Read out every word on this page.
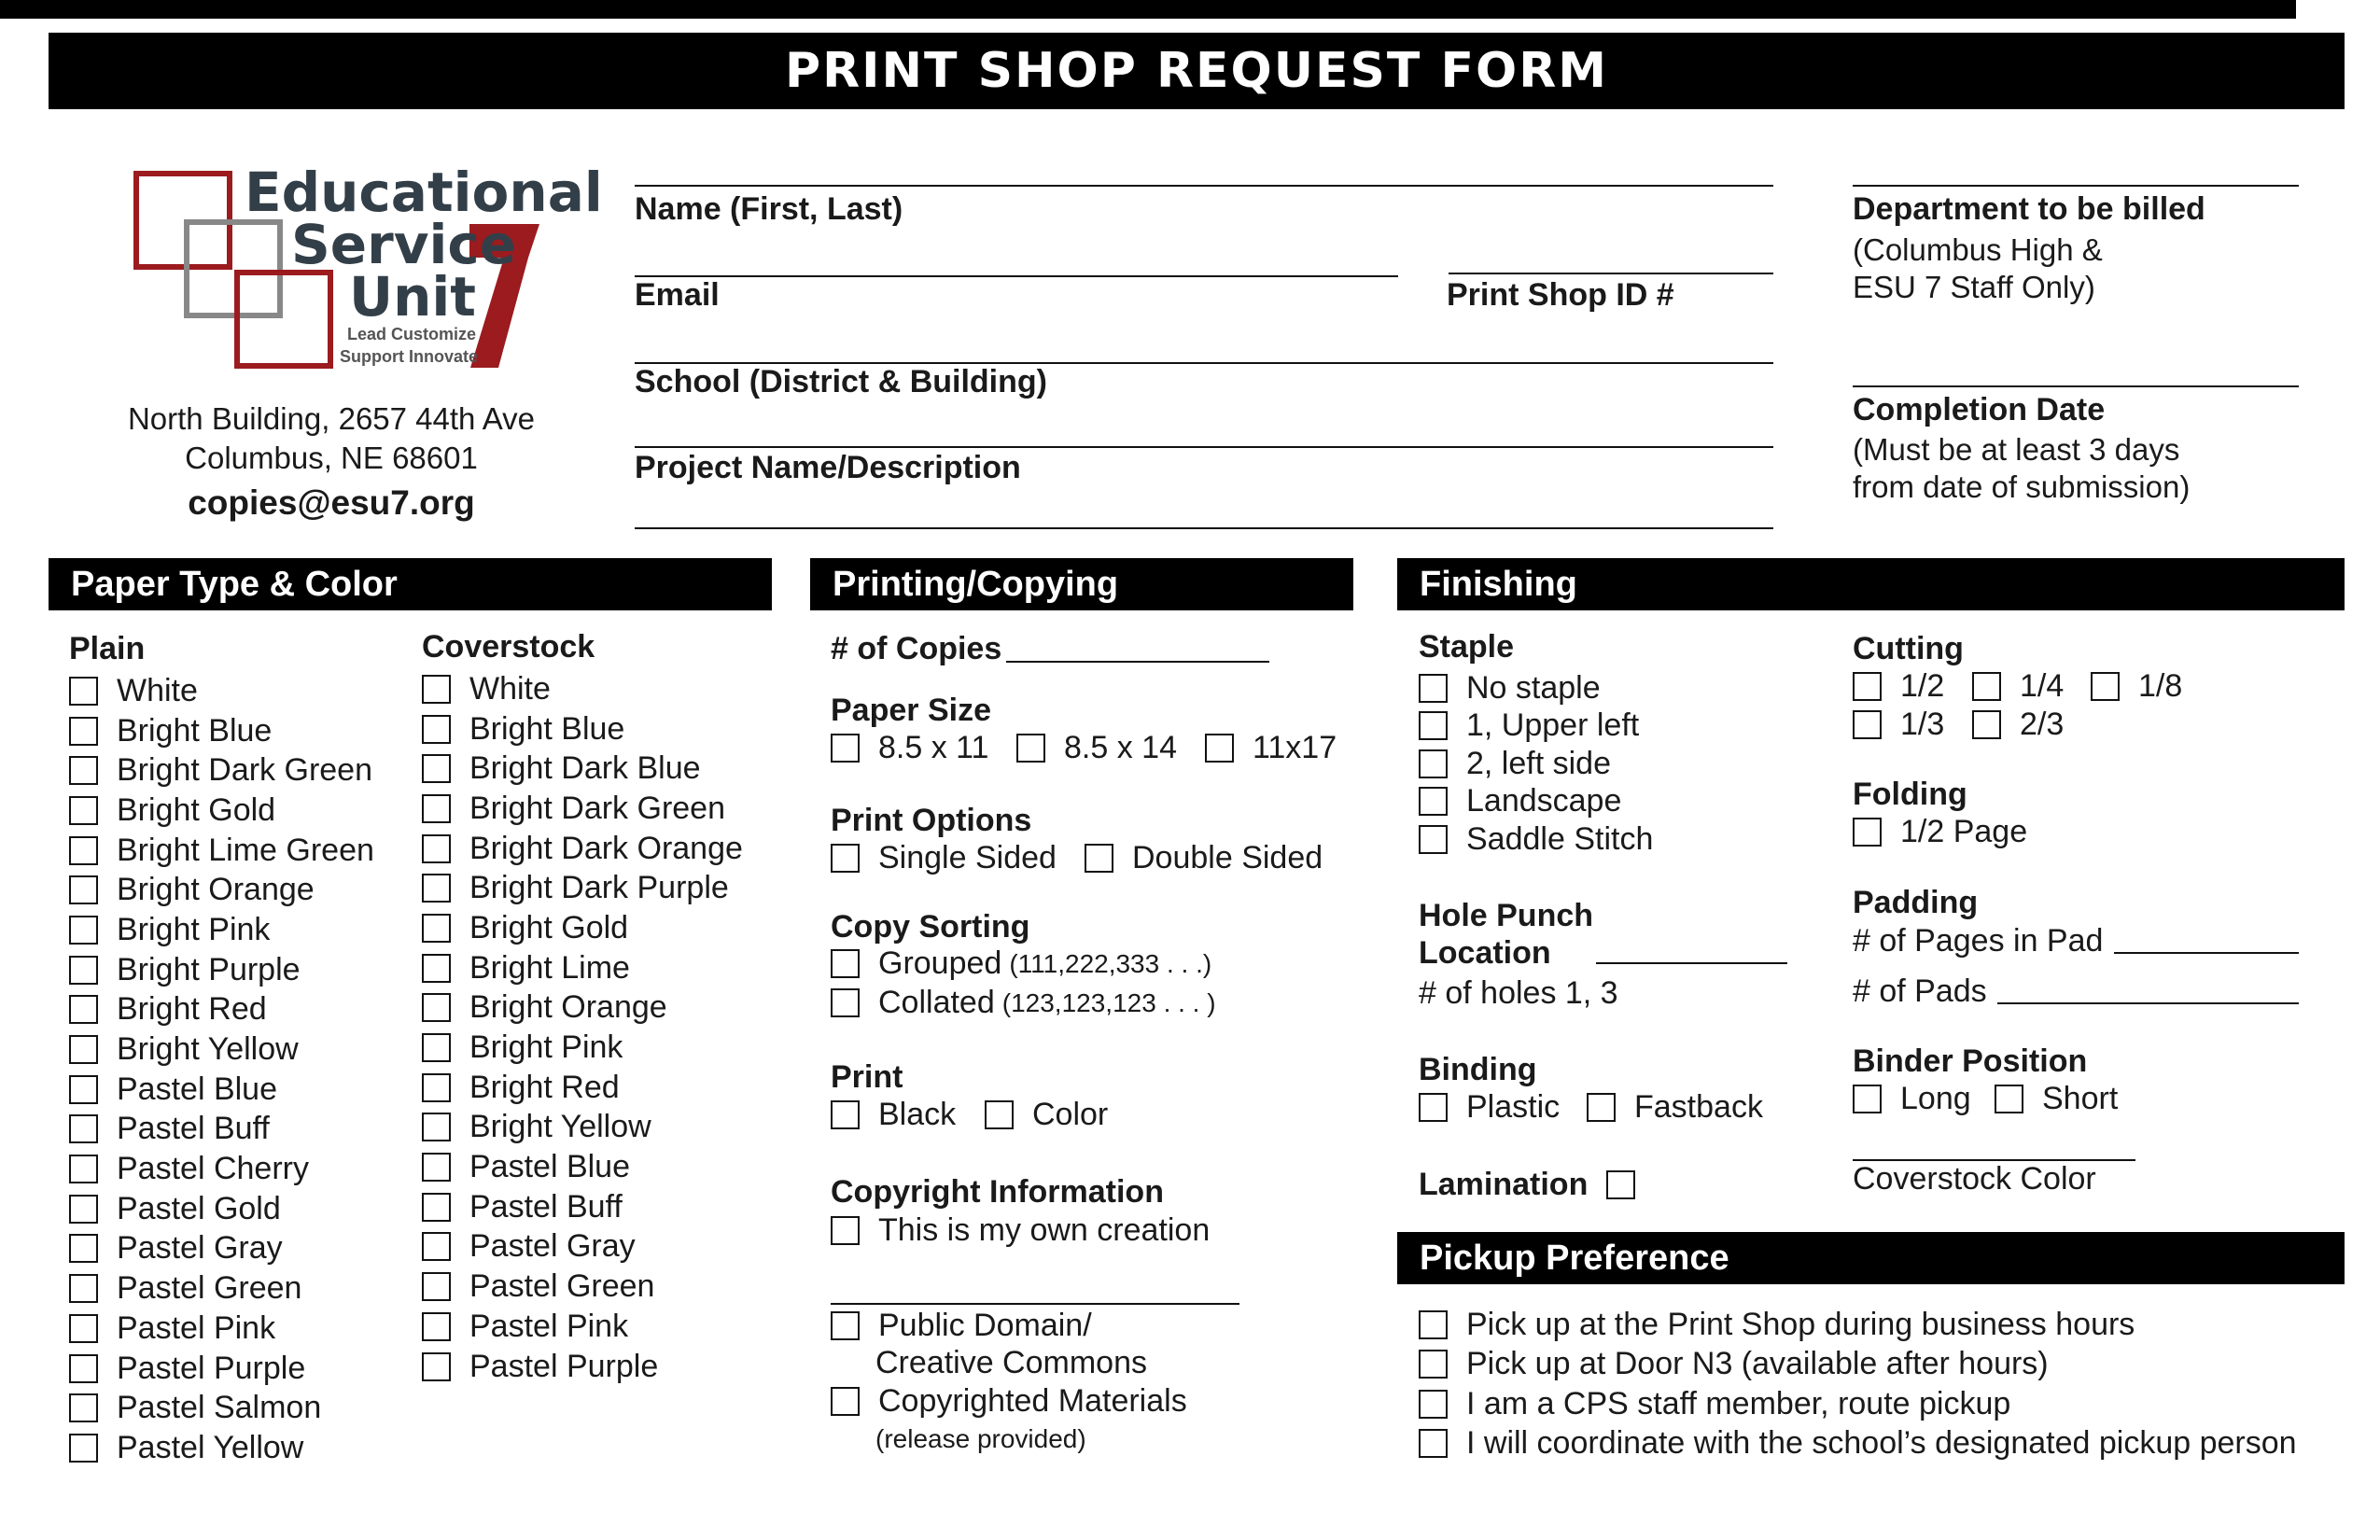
PRINT SHOP REQUEST FORM
Educational
Service
Unit
Lead Customize
Support Innovate
North Building, 2657 44th Ave
Columbus, NE 68601
copies@esu7.org
Name (First, Last)
Email	Print Shop ID #
School (District & Building)
Project Name/Description
Department to be billed
(Columbus High &
ESU 7 Staff Only)
Completion Date
(Must be at least 3 days
from date of submission)
Paper Type & Color	Printing/Copying	Finishing
Pickup Preference
Plain
White
Bright Blue
Bright Dark Green
Bright Gold
Bright Lime Green
Bright Orange
Bright Pink
Bright Purple
Bright Red
Bright Yellow
Pastel Blue
Pastel Buff
Pastel Cherry
Pastel Gold
Pastel Gray
Pastel Green
Pastel Pink
Pastel Purple
Pastel Salmon
Pastel Yellow
Coverstock
White
Bright Blue
Bright Dark Blue
Bright Dark Green
Bright Dark Orange
Bright Dark Purple
Bright Gold
Bright Lime
Bright Orange
Bright Pink
Bright Red
Bright Yellow
Pastel Blue
Pastel Buff
Pastel Gray
Pastel Green
Pastel Pink
Pastel Purple
# of Copies
Paper Size
8.5 x 11 8.5 x 14 11x17
Print Options
Single Sided Double Sided
Copy Sorting
Grouped (111,222,333 . . .)
Collated (123,123,123 . . . )
Print
Black Color
Copyright Information
This is my own creation
Public Domain/
Creative Commons
Copyrighted Materials
(release provided)
Staple
No staple
1, Upper left
2, left side
Landscape
Saddle Stitch
Hole Punch
Location
# of holes 1, 3
Binding
Plastic Fastback
Lamination
Cutting
1/2 1/4 1/8
1/3 2/3
Folding
1/2 Page
Padding
# of Pages in Pad
# of Pads
Binder Position
Long Short
Coverstock Color
Pick up at the Print Shop during business hours
Pick up at Door N3 (available after hours)
I am a CPS staff member, route pickup
I will coordinate with the school’s designated pickup person
